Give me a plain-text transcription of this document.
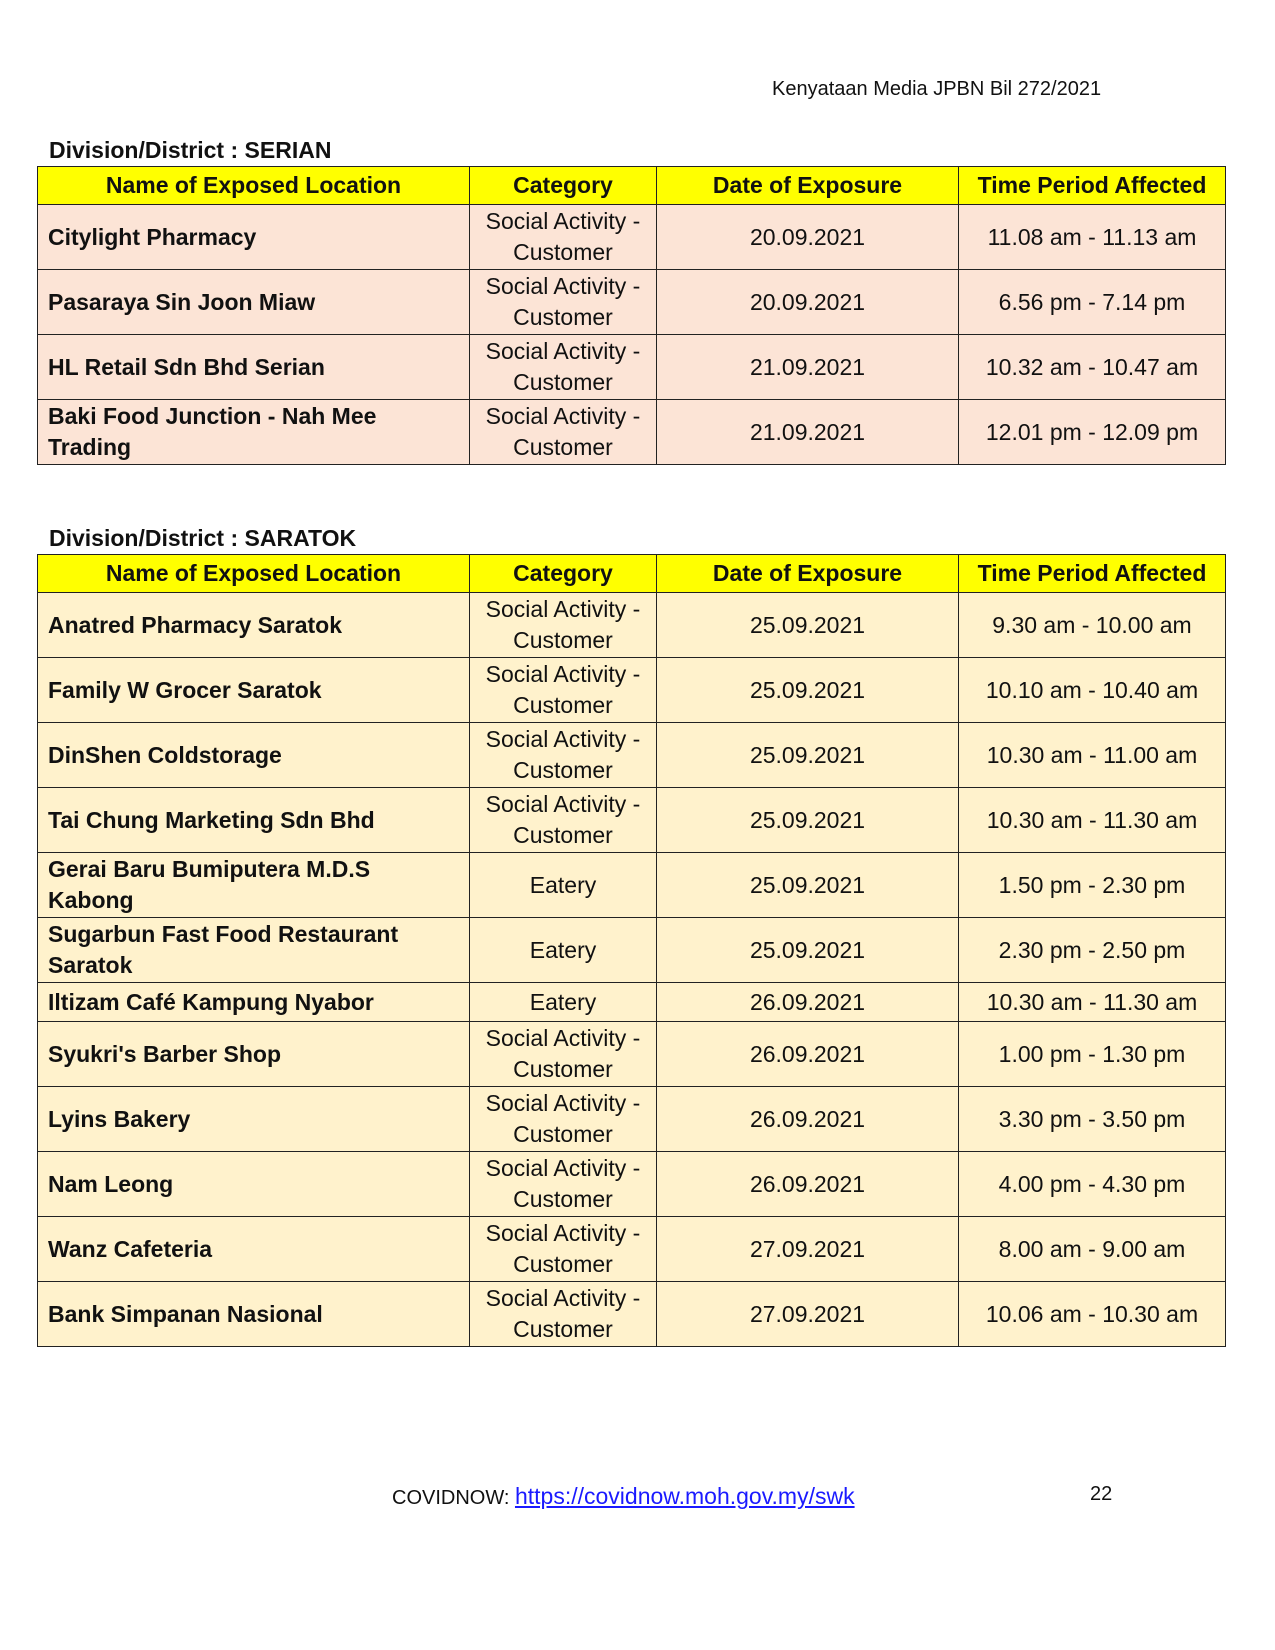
Kenyataan Media JPBN Bil 272/2021
Division/District : SERIAN
Name of Exposed Location	Category	Date of Exposure	Time Period Affected
Citylight Pharmacy	Social Activity - Customer	20.09.2021	11.08 am - 11.13 am
Pasaraya Sin Joon Miaw	Social Activity - Customer	20.09.2021	6.56 pm - 7.14 pm
HL Retail Sdn Bhd Serian	Social Activity - Customer	21.09.2021	10.32 am - 10.47 am
Baki Food Junction - Nah Mee Trading	Social Activity - Customer	21.09.2021	12.01 pm - 12.09 pm
Division/District : SARATOK
Name of Exposed Location	Category	Date of Exposure	Time Period Affected
Anatred Pharmacy Saratok	Social Activity - Customer	25.09.2021	9.30 am - 10.00 am
Family W Grocer Saratok	Social Activity - Customer	25.09.2021	10.10 am - 10.40 am
DinShen Coldstorage	Social Activity - Customer	25.09.2021	10.30 am - 11.00 am
Tai Chung Marketing Sdn Bhd	Social Activity - Customer	25.09.2021	10.30 am - 11.30 am
Gerai Baru Bumiputera M.D.S Kabong	Eatery	25.09.2021	1.50 pm - 2.30 pm
Sugarbun Fast Food Restaurant Saratok	Eatery	25.09.2021	2.30 pm - 2.50 pm
Iltizam Café Kampung Nyabor	Eatery	26.09.2021	10.30 am - 11.30 am
Syukri's Barber Shop	Social Activity - Customer	26.09.2021	1.00 pm - 1.30 pm
Lyins Bakery	Social Activity - Customer	26.09.2021	3.30 pm - 3.50 pm
Nam Leong	Social Activity - Customer	26.09.2021	4.00 pm - 4.30 pm
Wanz Cafeteria	Social Activity - Customer	27.09.2021	8.00 am - 9.00 am
Bank Simpanan Nasional	Social Activity - Customer	27.09.2021	10.06 am - 10.30 am
COVIDNOW: https://covidnow.moh.gov.my/swk	22
